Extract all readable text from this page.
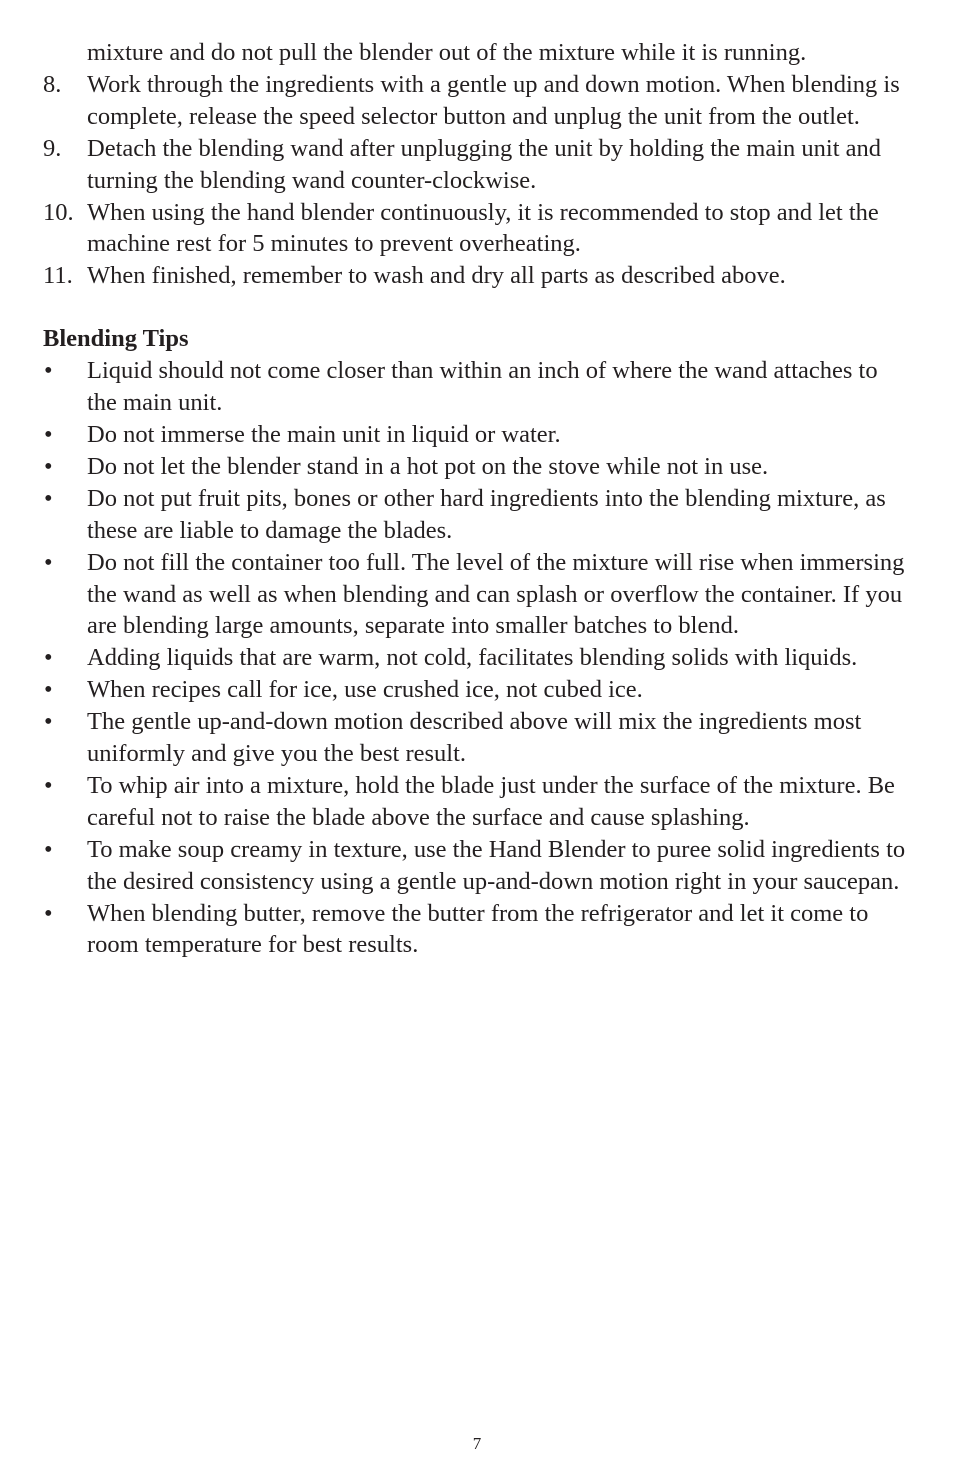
mixture and do not pull the blender out of the mixture while it is running.
8.	Work through the ingredients with a gentle up and down motion. When blending is complete, release the speed selector button and unplug the unit from the outlet.
9.	Detach the blending wand after unplugging the unit by holding the main unit and turning the blending wand counter-clockwise.
10. When using the hand blender continuously, it is recommended to stop and let the machine rest for 5 minutes to prevent overheating.
11. When finished, remember to wash and dry all parts as described above.
Blending Tips
•	Liquid should not come closer than within an inch of where the wand attaches to the main unit.
•	Do not immerse the main unit in liquid or water.
•	Do not let the blender stand in a hot pot on the stove while not in use.
•	Do not put fruit pits, bones or other hard ingredients into the blending mixture, as these are liable to damage the blades.
•	Do not fill the container too full. The level of the mixture will rise when immersing the wand as well as when blending and can splash or overflow the container. If you are blending large amounts, separate into smaller batches to blend.
•	Adding liquids that are warm, not cold, facilitates blending solids with liquids.
•	When recipes call for ice, use crushed ice, not cubed ice.
•	The gentle up-and-down motion described above will mix the ingredients most uniformly and give you the best result.
•	To whip air into a mixture, hold the blade just under the surface of the mixture. Be careful not to raise the blade above the surface and cause splashing.
•	To make soup creamy in texture, use the Hand Blender to puree solid ingredients to the desired consistency using a gentle up-and-down motion right in your saucepan.
•	When blending butter, remove the butter from the refrigerator and let it come to room temperature for best results.
7
